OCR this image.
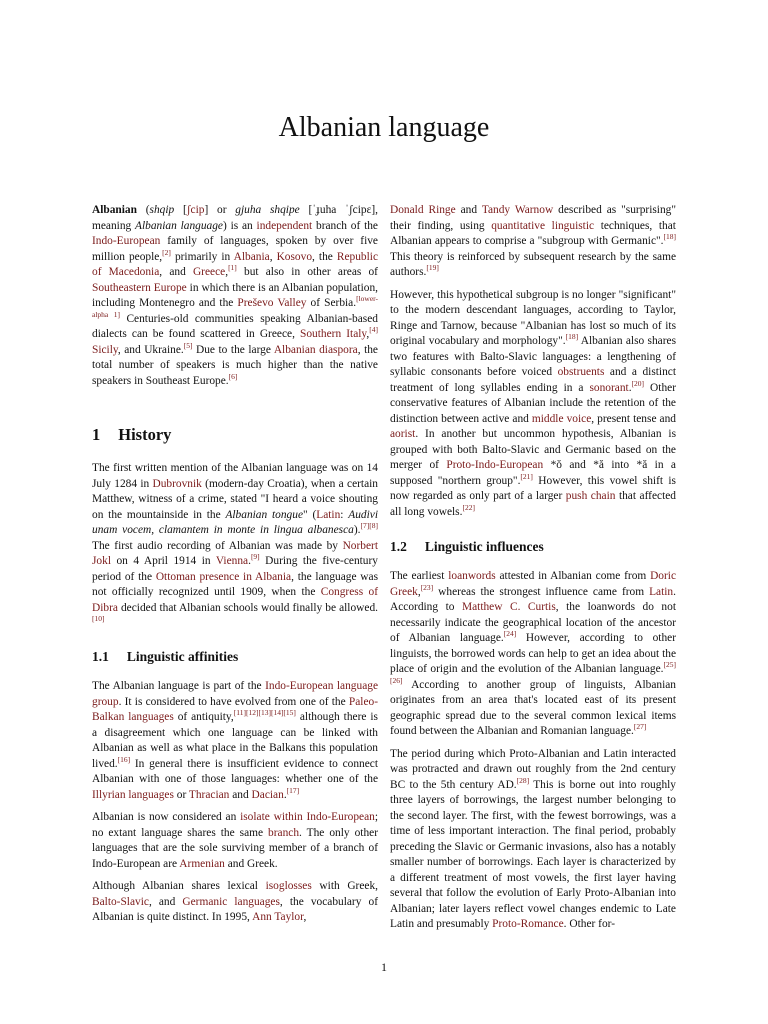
Albanian language

Albanian (shqip [ʃcip] or gjuha shqipe [ˈɟuha ˈʃcipɛ], meaning Albanian language) is an independent branch of the Indo-European family of languages, spoken by over five million people,[2] primarily in Albania, Kosovo, the Republic of Macedonia, and Greece,[1] but also in other areas of Southeastern Europe in which there is an Albanian population, including Montenegro and the Preševo Valley of Serbia.[lower-alpha 1] Centuries-old communities speaking Albanian-based dialects can be found scattered in Greece, Southern Italy,[4] Sicily, and Ukraine.[5] Due to the large Albanian diaspora, the total number of speakers is much higher than the native speakers in Southeast Europe.[6]

1 History

The first written mention of the Albanian language was on 14 July 1284 in Dubrovnik (modern-day Croatia), when a certain Matthew, witness of a crime, stated "I heard a voice shouting on the mountainside in the Albanian tongue" (Latin: Audivi unam vocem, clamantem in monte in lingua albanesca).[7][8] The first audio recording of Albanian was made by Norbert Jokl on 4 April 1914 in Vienna.[9] During the five-century period of the Ottoman presence in Albania, the language was not officially recognized until 1909, when the Congress of Dibra decided that Albanian schools would finally be allowed.[10]

1.1 Linguistic affinities

The Albanian language is part of the Indo-European language group. It is considered to have evolved from one of the Paleo-Balkan languages of antiquity,[11][12][13][14][15] although there is a disagreement which one language can be linked with Albanian as well as what place in the Balkans this population lived.[16] In general there is insufficient evidence to connect Albanian with one of those languages: whether one of the Illyrian languages or Thracian and Dacian.[17]

Albanian is now considered an isolate within Indo-European; no extant language shares the same branch. The only other languages that are the sole surviving member of a branch of Indo-European are Armenian and Greek.

Although Albanian shares lexical isoglosses with Greek, Balto-Slavic, and Germanic languages, the vocabulary of Albanian is quite distinct. In 1995, Ann Taylor,

Donald Ringe and Tandy Warnow described as "surprising" their finding, using quantitative linguistic techniques, that Albanian appears to comprise a "subgroup with Germanic".[18] This theory is reinforced by subsequent research by the same authors.[19]

However, this hypothetical subgroup is no longer "significant" to the modern descendant languages, according to Taylor, Ringe and Tarnow, because "Albanian has lost so much of its original vocabulary and morphology".[18] Albanian also shares two features with Balto-Slavic languages: a lengthening of syllabic consonants before voiced obstruents and a distinct treatment of long syllables ending in a sonorant.[20] Other conservative features of Albanian include the retention of the distinction between active and middle voice, present tense and aorist. In another but uncommon hypothesis, Albanian is grouped with both Balto-Slavic and Germanic based on the merger of Proto-Indo-European *ŏ and *ă into *ă in a supposed "northern group".[21] However, this vowel shift is now regarded as only part of a larger push chain that affected all long vowels.[22]

1.2 Linguistic influences

The earliest loanwords attested in Albanian come from Doric Greek,[23] whereas the strongest influence came from Latin. According to Matthew C. Curtis, the loanwords do not necessarily indicate the geographical location of the ancestor of Albanian language.[24] However, according to other linguists, the borrowed words can help to get an idea about the place of origin and the evolution of the Albanian language.[25][26] According to another group of linguists, Albanian originates from an area that's located east of its present geographic spread due to the several common lexical items found between the Albanian and Romanian language.[27]

The period during which Proto-Albanian and Latin interacted was protracted and drawn out roughly from the 2nd century BC to the 5th century AD.[28] This is borne out into roughly three layers of borrowings, the largest number belonging to the second layer. The first, with the fewest borrowings, was a time of less important interaction. The final period, probably preceding the Slavic or Germanic invasions, also has a notably smaller number of borrowings. Each layer is characterized by a different treatment of most vowels, the first layer having several that follow the evolution of Early Proto-Albanian into Albanian; later layers reflect vowel changes endemic to Late Latin and presumably Proto-Romance. Other for-

1
